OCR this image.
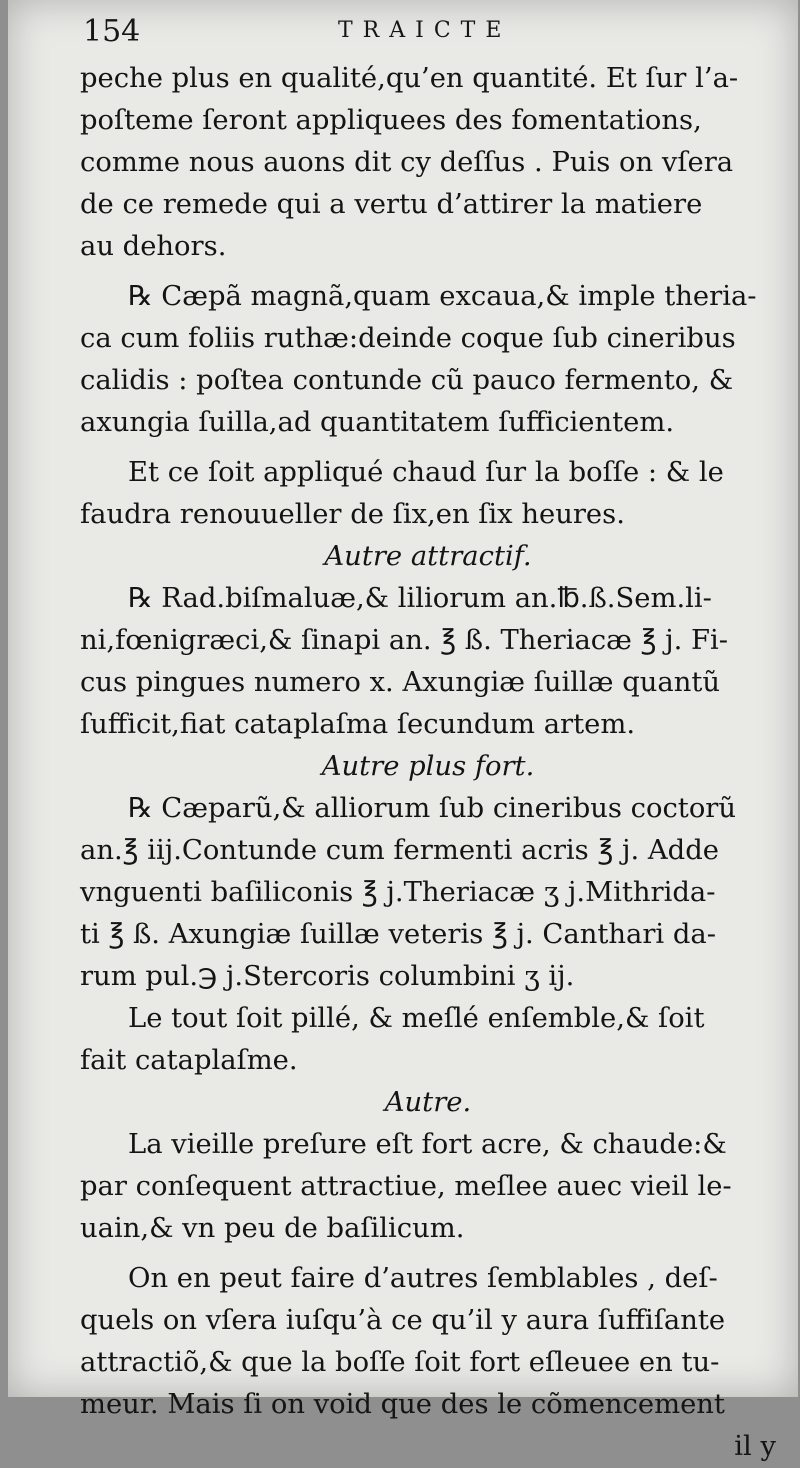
154	TRAICTE
peche plus en qualité,qu’en quantité. Et ſur l’a-
poſteme ſeront appliquees des fomentations,
comme nous auons dit cy deſſus . Puis on vſera
de ce remede qui a vertu d’attirer la matiere
au dehors.
℞ Cæpã magnã,quam excaua,& imple theria-
ca cum foliis ruthæ:deinde coque ſub cineribus
calidis : poſtea contunde cũ pauco fermento, &
axungia ſuilla,ad quantitatem ſufficientem.
Et ce ſoit appliqué chaud ſur la boſſe : & le
faudra renouueller de ſix,en ſix heures.
Autre attractif.
℞ Rad.biſmaluæ,& liliorum an.℔.ß.Sem.li-
ni,fœnigræci,& ſinapi an. ℥ ß. Theriacæ ℥ j. Fi-
cus pingues numero x. Axungiæ ſuillæ quantũ
ſufficit,fiat cataplaſma ſecundum artem.
Autre plus fort.
℞ Cæparũ,& alliorum ſub cineribus coctorũ
an.℥ iij.Contunde cum fermenti acris ℥ j. Adde
vnguenti baſiliconis ℥ j.Theriacæ ʒ j.Mithrida-
ti ℥ ß. Axungiæ ſuillæ veteris ℥ j. Canthari da-
rum pul.℈ j.Stercoris columbini ʒ ij.
Le tout ſoit pillé, & meſlé enſemble,& ſoit
fait cataplaſme.
Autre.
La vieille preſure eſt fort acre, & chaude:&
par conſequent attractiue, meſlee auec vieil le-
uain,& vn peu de baſilicum.
On en peut faire d’autres ſemblables , deſ-
quels on vſera iuſqu’à ce qu’il y aura ſuffiſante
attractiõ,& que la boſſe ſoit fort eſleuee en tu-
meur. Mais ſi on void que des le cõmencement
il y
